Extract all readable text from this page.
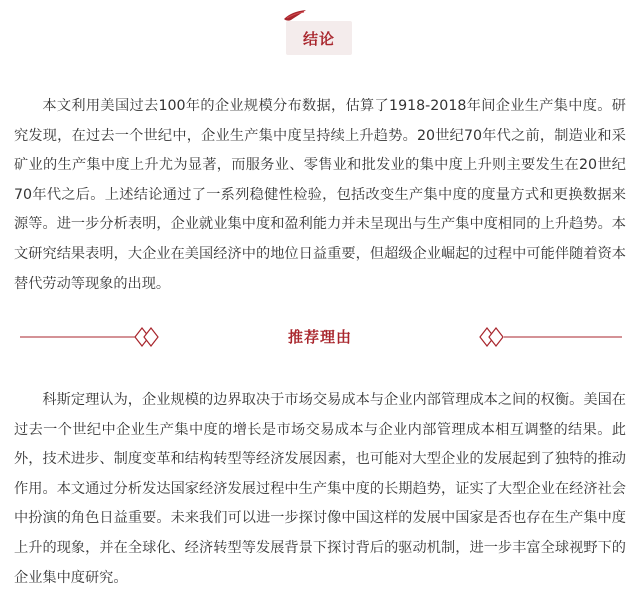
结论

本文利用美国过去100年的企业规模分布数据，估算了1918-2018年间企业生产集中度。研究发现，在过去一个世纪中，企业生产集中度呈持续上升趋势。20世纪70年代之前，制造业和采矿业的生产集中度上升尤为显著，而服务业、零售业和批发业的集中度上升则主要发生在20世纪70年代之后。上述结论通过了一系列稳健性检验，包括改变生产集中度的度量方式和更换数据来源等。进一步分析表明，企业就业集中度和盈利能力并未呈现出与生产集中度相同的上升趋势。本文研究结果表明，大企业在美国经济中的地位日益重要，但超级企业崛起的过程中可能伴随着资本替代劳动等现象的出现。

推荐理由

科斯定理认为，企业规模的边界取决于市场交易成本与企业内部管理成本之间的权衡。美国在过去一个世纪中企业生产集中度的增长是市场交易成本与企业内部管理成本相互调整的结果。此外，技术进步、制度变革和结构转型等经济发展因素，也可能对大型企业的发展起到了独特的推动作用。本文通过分析发达国家经济发展过程中生产集中度的长期趋势，证实了大型企业在经济社会中扮演的角色日益重要。未来我们可以进一步探讨像中国这样的发展中国家是否也存在生产集中度上升的现象，并在全球化、经济转型等发展背景下探讨背后的驱动机制，进一步丰富全球视野下的企业集中度研究。
